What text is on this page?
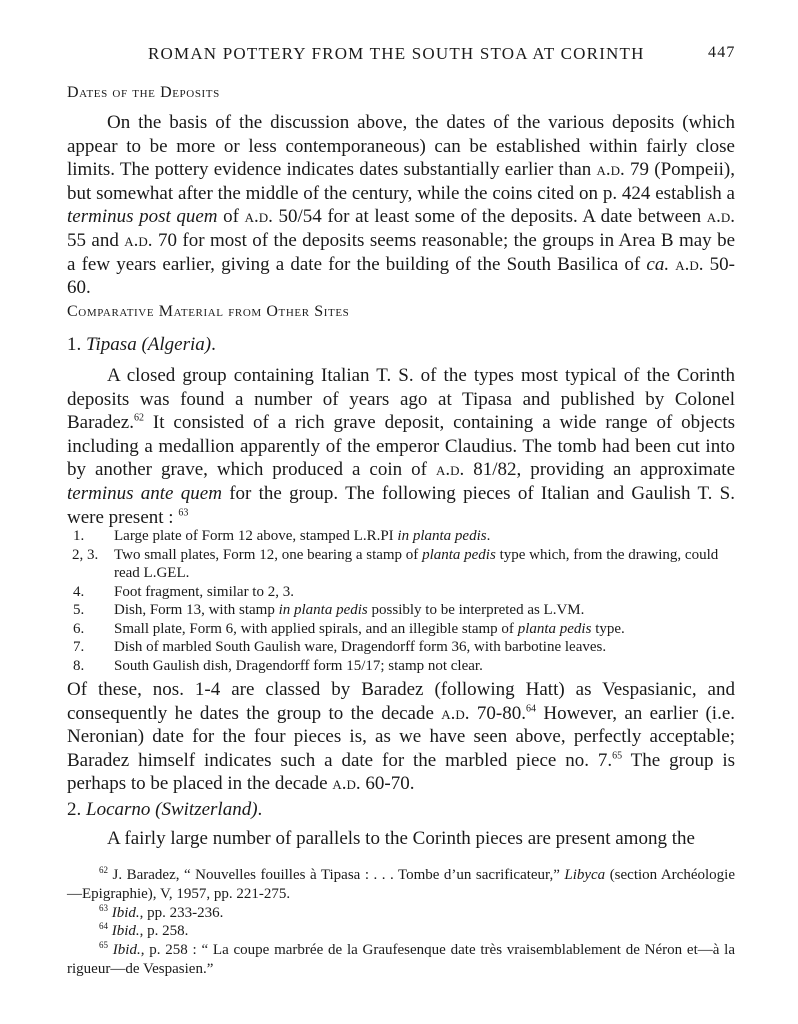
ROMAN POTTERY FROM THE SOUTH STOA AT CORINTH	447
Dates of the Deposits

On the basis of the discussion above, the dates of the various deposits (which appear to be more or less contemporaneous) can be established within fairly close limits. The pottery evidence indicates dates substantially earlier than a.d. 79 (Pompeii), but somewhat after the middle of the century, while the coins cited on p. 424 establish a terminus post quem of a.d. 50/54 for at least some of the deposits. A date between a.d. 55 and a.d. 70 for most of the deposits seems reasonable; the groups in Area B may be a few years earlier, giving a date for the building of the South Basilica of ca. a.d. 50-60.

Comparative Material from Other Sites
1. Tipasa (Algeria).

A closed group containing Italian T. S. of the types most typical of the Corinth deposits was found a number of years ago at Tipasa and published by Colonel Baradez.$^{62}$ It consisted of a rich grave deposit, containing a wide range of objects including a medallion apparently of the emperor Claudius. The tomb had been cut into by another grave, which produced a coin of a.d. 81/82, providing an approximate terminus ante quem for the group. The following pieces of Italian and Gaulish T. S. were present : $^{63}$

1. Large plate of Form 12 above, stamped L.R.PI in planta pedis.
2, 3. Two small plates, Form 12, one bearing a stamp of planta pedis type which, from the drawing, could read L.GEL.
4. Foot fragment, similar to 2, 3.
5. Dish, Form 13, with stamp in planta pedis possibly to be interpreted as L.VM.
6. Small plate, Form 6, with applied spirals, and an illegible stamp of planta pedis type.
7. Dish of marbled South Gaulish ware, Dragendorff form 36, with barbotine leaves.
8. South Gaulish dish, Dragendorff form 15/17; stamp not clear.

Of these, nos. 1-4 are classed by Baradez (following Hatt) as Vespasianic, and consequently he dates the group to the decade a.d. 70-80.64 However, an earlier (i.e. Neronian) date for the four pieces is, as we have seen above, perfectly acceptable; Baradez himself indicates such a date for the marbled piece no. 7.65 The group is perhaps to be placed in the decade a.d. 60-70.

2. Locarno (Switzerland).

A fairly large number of parallels to the Corinth pieces are present among the

$^{62}$ J. Baradez, “ Nouvelles fouilles à Tipasa : . . . Tombe d’un sacrificateur,” Libyca (section Archéologie—Epigraphie), V, 1957, pp. 221-275.

$^{63}$ Ibid., pp. 233-236.

$^{64}$ Ibid., p. 258.

$^{65}$ Ibid., p. 258 : “ La coupe marbrée de la Graufesenque date très vraisemblablement de Néron et—à la rigueur—de Vespasien.”
